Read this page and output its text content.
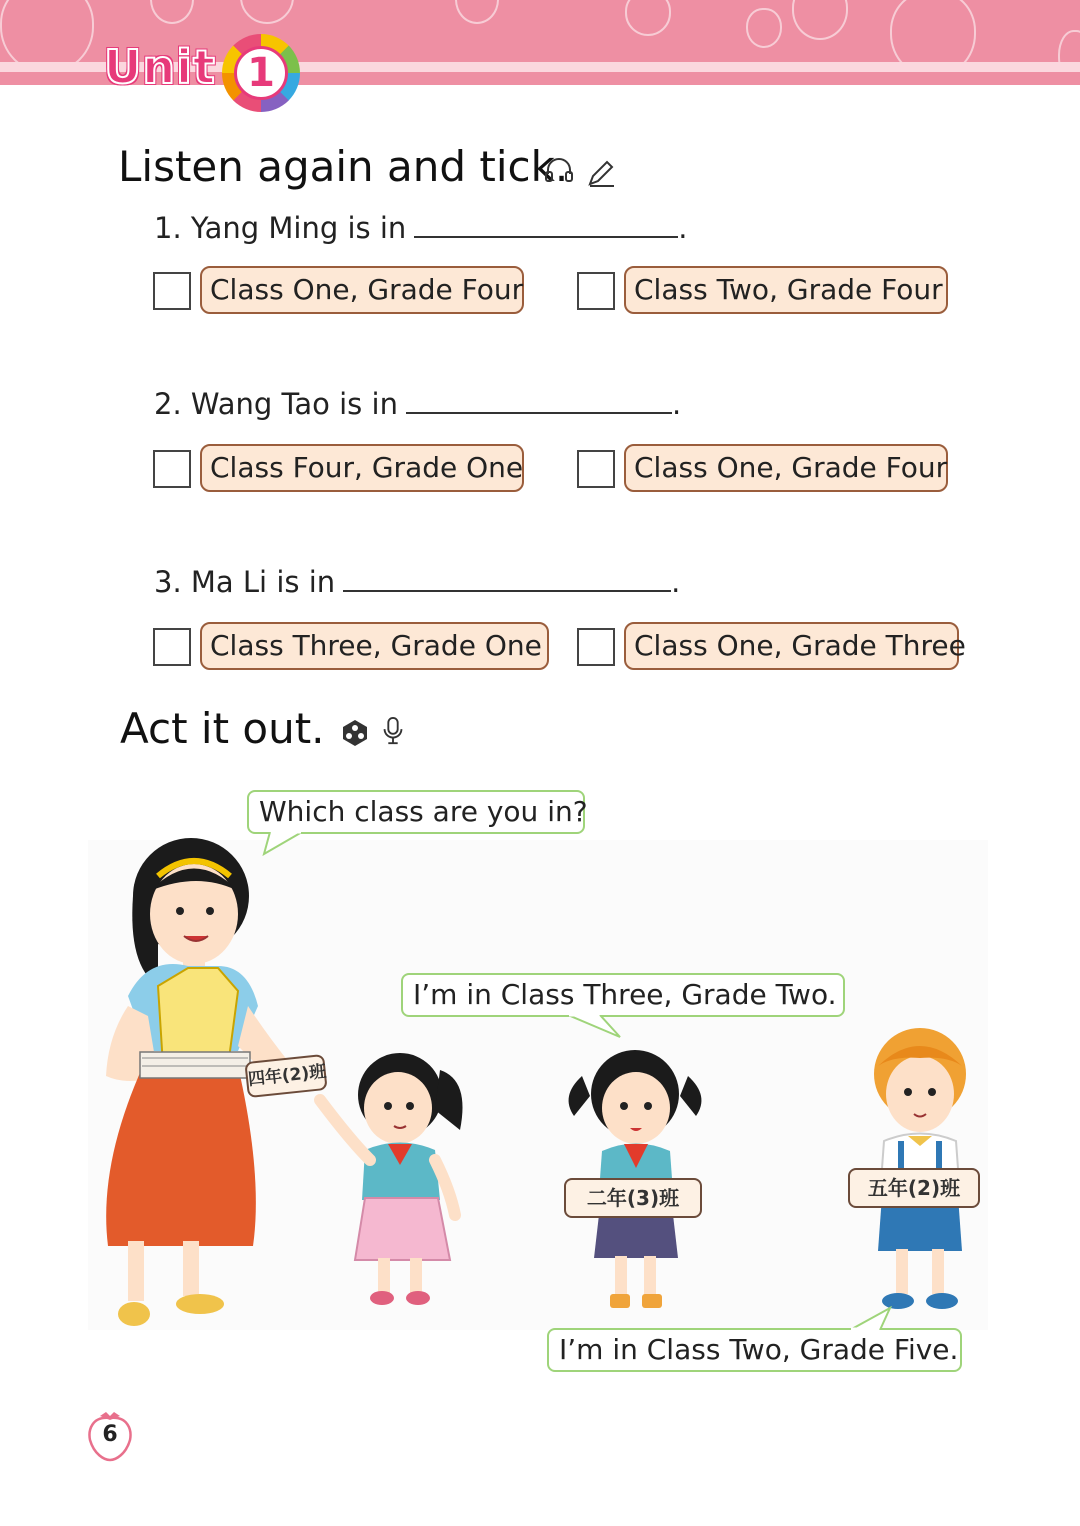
Unit 1
Listen again and tick.
1. Yang Ming is in	.
Class One, Grade Four	Class Two, Grade Four
2. Wang Tao is in	.
Class Four, Grade One	Class One, Grade Four
3. Ma Li is in	.
Class Three, Grade One	Class One, Grade Three
Act it out.
四年(2)班
二年(3)班	五年(2)班
Which class are you in?
I’m in Class Three, Grade Two.
I’m in Class Two, Grade Five.
6
